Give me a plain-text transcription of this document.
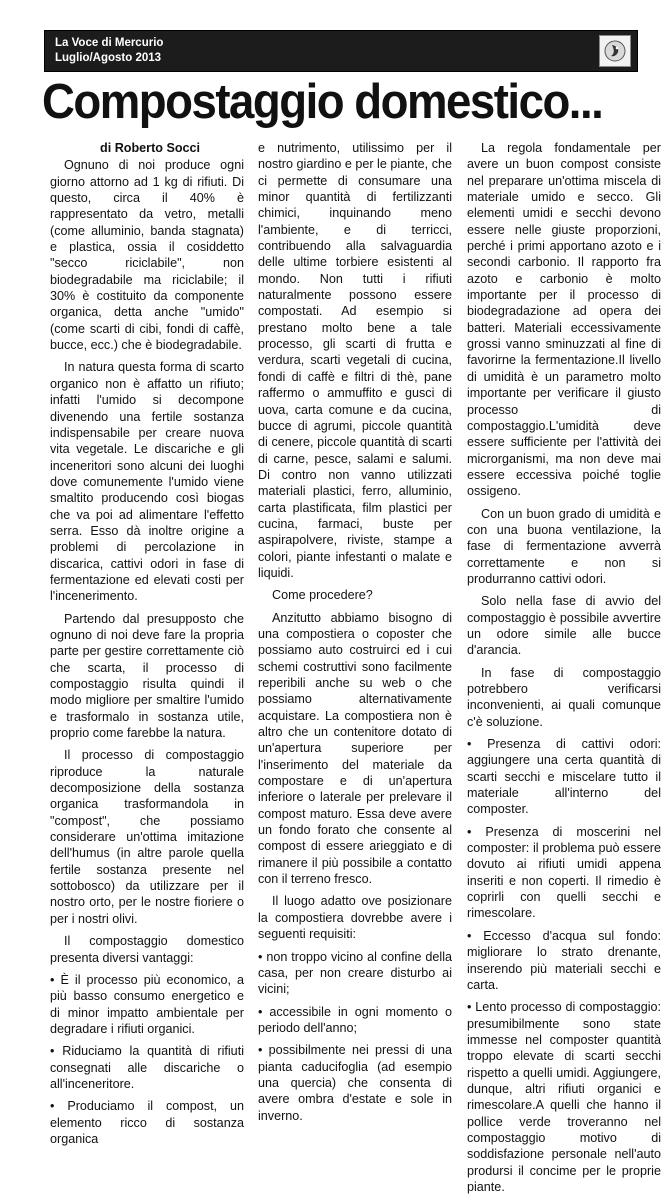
La Voce di Mercurio
Luglio/Agosto 2013
Compostaggio domestico...

di Roberto Socci

Ognuno di noi produce ogni giorno attorno ad 1 kg di rifiuti. Di questo, circa il 40% è rappresentato da vetro, metalli (come alluminio, banda stagnata) e plastica, ossia il cosiddetto "secco riciclabile", non biodegradabile ma riciclabile; il 30% è costituito da componente organica, detta anche "umido" (come scarti di cibi, fondi di caffè, bucce, ecc.) che è biodegradabile.

In natura questa forma di scarto organico non è affatto un rifiuto; infatti l'umido si decompone divenendo una fertile sostanza indispensabile per creare nuova vita vegetale. Le discariche e gli inceneritori sono alcuni dei luoghi dove comunemente l'umido viene smaltito producendo così biogas che va poi ad alimentare l'effetto serra. Esso dà inoltre origine a problemi di percolazione in discarica, cattivi odori in fase di fermentazione ed elevati costi per l'incenerimento.

Partendo dal presupposto che ognuno di noi deve fare la propria parte per gestire correttamente ciò che scarta, il processo di compostaggio risulta quindi il modo migliore per smaltire l'umido e trasformalo in sostanza utile, proprio come farebbe la natura.

Il processo di compostaggio riproduce la naturale decomposizione della sostanza organica trasformandola in "compost", che possiamo considerare un'ottima imitazione dell'humus (in altre parole quella fertile sostanza presente nel sottobosco) da utilizzare per il nostro orto, per le nostre fioriere o per i nostri olivi.

Il compostaggio domestico presenta diversi vantaggi:

• È il processo più economico, a più basso consumo energetico e di minor impatto ambientale per degradare i rifiuti organici.

• Riduciamo la quantità di rifiuti consegnati alle discariche o all'inceneritore.

• Produciamo il compost, un elemento ricco di sostanza organica

e nutrimento, utilissimo per il nostro giardino e per le piante, che ci permette di consumare una minor quantità di fertilizzanti chimici, inquinando meno l'ambiente, e di terricci, contribuendo alla salvaguardia delle ultime torbiere esistenti al mondo. Non tutti i rifiuti naturalmente possono essere compostati. Ad esempio si prestano molto bene a tale processo, gli scarti di frutta e verdura, scarti vegetali di cucina, fondi di caffè e filtri di thè, pane raffermo o ammuffito e gusci di uova, carta comune e da cucina, bucce di agrumi, piccole quantità di cenere, piccole quantità di scarti di carne, pesce, salami e salumi. Di contro non vanno utilizzati materiali plastici, ferro, alluminio, carta plastificata, film plastici per cucina, farmaci, buste per aspirapolvere, riviste, stampe a colori, piante infestanti o malate e liquidi.

Come procedere?

Anzitutto abbiamo bisogno di una compostiera o coposter che possiamo auto costruirci ed i cui schemi costruttivi sono facilmente reperibili anche su web o che possiamo alternativamente acquistare. La compostiera non è altro che un contenitore dotato di un'apertura superiore per l'inserimento del materiale da compostare e di un'apertura inferiore o laterale per prelevare il compost maturo. Essa deve avere un fondo forato che consente al compost di essere arieggiato e di rimanere il più possibile a contatto con il terreno fresco.

Il luogo adatto ove posizionare la compostiera dovrebbe avere i seguenti requisiti:

• non troppo vicino al confine della casa, per non creare disturbo ai vicini;

• accessibile in ogni momento o periodo dell'anno;

• possibilmente nei pressi di una pianta caducifoglia (ad esempio una quercia) che consenta di avere ombra d'estate e sole in inverno.

La regola fondamentale per avere un buon compost consiste nel preparare un'ottima miscela di materiale umido e secco. Gli elementi umidi e secchi devono essere nelle giuste proporzioni, perché i primi apportano azoto e i secondi carbonio. Il rapporto fra azoto e carbonio è molto importante per il processo di biodegradazione ad opera dei batteri. Materiali eccessivamente grossi vanno sminuzzati al fine di favorirne la fermentazione.Il livello di umidità è un parametro molto importante per verificare il giusto processo di compostaggio.L'umidità deve essere sufficiente per l'attività dei microrganismi, ma non deve mai essere eccessiva poiché toglie ossigeno.

Con un buon grado di umidità e con una buona ventilazione, la fase di fermentazione avverrà correttamente e non si produrranno cattivi odori.

Solo nella fase di avvio del compostaggio è possibile avvertire un odore simile alle bucce d'arancia.

In fase di compostaggio potrebbero verificarsi inconvenienti, ai quali comunque c'è soluzione.

• Presenza di cattivi odori: aggiungere una certa quantità di scarti secchi e miscelare tutto il materiale all'interno del composter.

• Presenza di moscerini nel composter: il problema può essere dovuto ai rifiuti umidi appena inseriti e non coperti. Il rimedio è coprirli con quelli secchi e rimescolare.

• Eccesso d'acqua sul fondo: migliorare lo strato drenante, inserendo più materiali secchi e carta.

• Lento processo di compostaggio: presumibilmente sono state immesse nel composter quantità troppo elevate di scarti secchi rispetto a quelli umidi. Aggiungere, dunque, altri rifiuti organici e rimescolare.A quelli che hanno il pollice verde troveranno nel compostaggio motivo di soddisfazione personale nell'auto prodursi il concime per le proprie piante.
